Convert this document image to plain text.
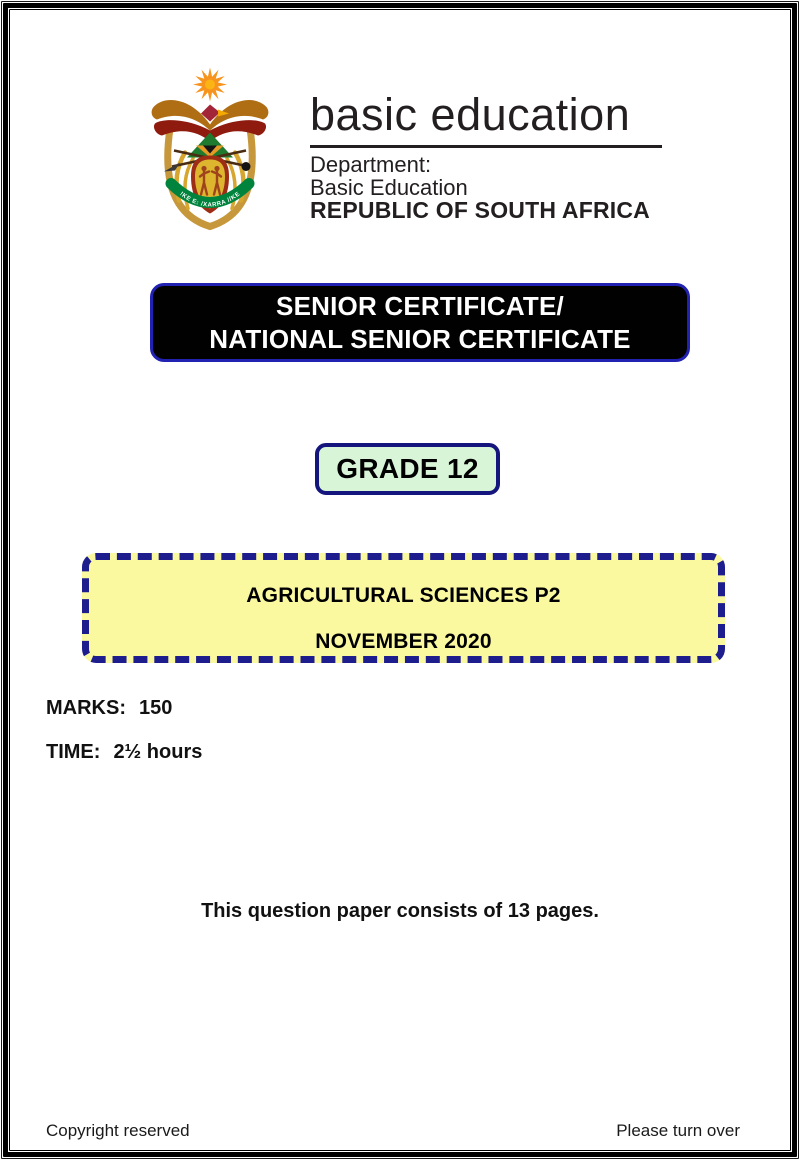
!KE E: /XARRA //KE
basic education
Department:
Basic Education
REPUBLIC OF SOUTH AFRICA
SENIOR CERTIFICATE/
NATIONAL SENIOR CERTIFICATE
GRADE 12
AGRICULTURAL SCIENCES P2
NOVEMBER 2020
MARKS: 150
TIME: 2½ hours
This question paper consists of 13 pages.
Copyright reserved	Please turn over
